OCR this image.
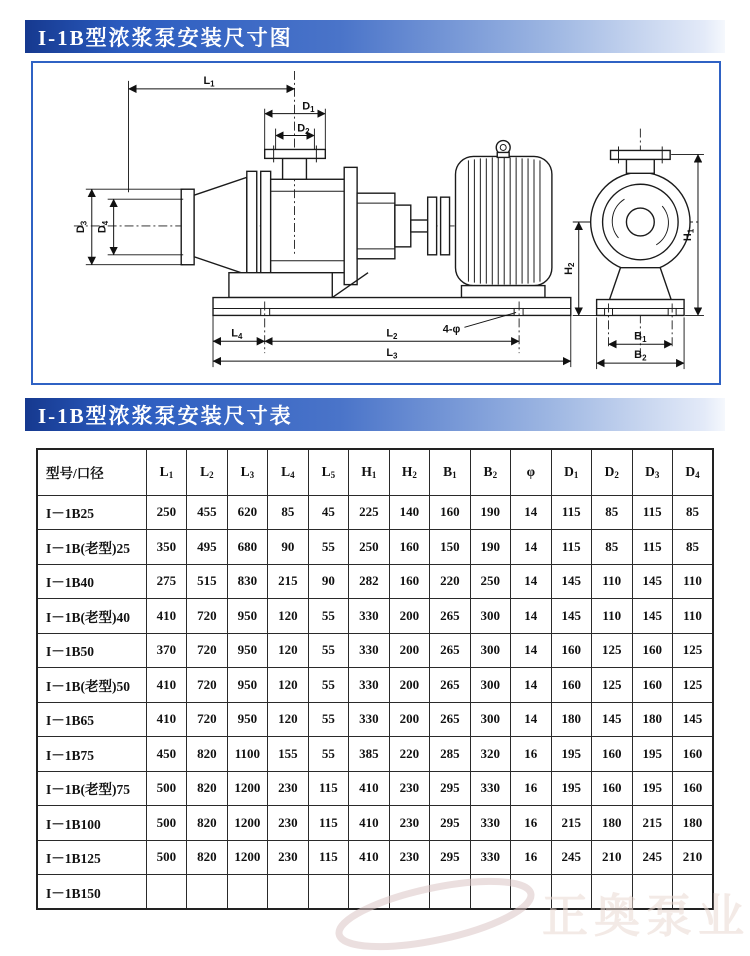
I-1B型浓浆泵安装尺寸图
$L_1$
$D_1$
$D_2$
$D_3$
$D_4$
$L_4$	$L_2$
$L_3$
4-φ
$H_2$
$H_1$
$B_1$
$B_2$
I-1B型浓浆泵安装尺寸表
型号/口径	$L_1$	$L_2$	$L_3$	$L_4$	$L_5$	$H_1$	$H_2$	$B_1$	$B_2$	φ	$D_1$	$D_2$	$D_3$	$D_4$
I－1B25	250	455	620	85	45	225	140	160	190	14	115	85	115	85
I－1B(老型)25	350	495	680	90	55	250	160	150	190	14	115	85	115	85
I－1B40	275	515	830	215	90	282	160	220	250	14	145	110	145	110
I－1B(老型)40	410	720	950	120	55	330	200	265	300	14	145	110	145	110
I－1B50	370	720	950	120	55	330	200	265	300	14	160	125	160	125
I－1B(老型)50	410	720	950	120	55	330	200	265	300	14	160	125	160	125
I－1B65	410	720	950	120	55	330	200	265	300	14	180	145	180	145
I－1B75	450	820	1100	155	55	385	220	285	320	16	195	160	195	160
I－1B(老型)75	500	820	1200	230	115	410	230	295	330	16	195	160	195	160
I－1B100	500	820	1200	230	115	410	230	295	330	16	215	180	215	180
I－1B125	500	820	1200	230	115	410	230	295	330	16	245	210	245	210
I－1B150															正奥泵业
